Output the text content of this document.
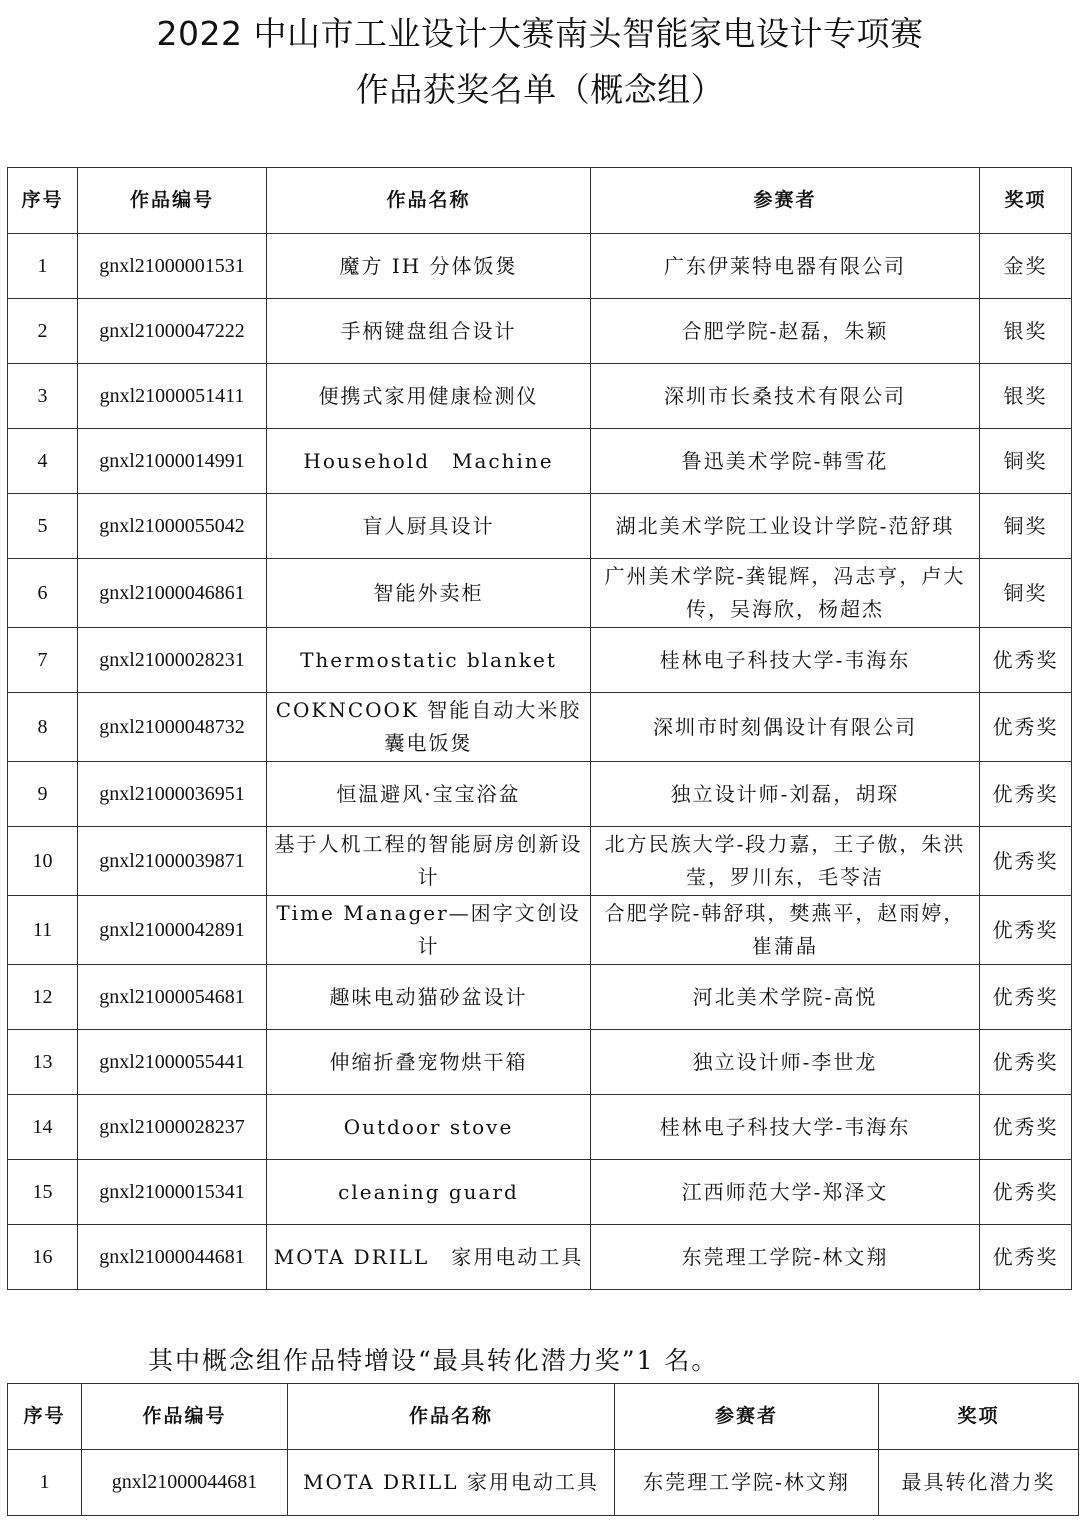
2022 中山市工业设计大赛南头智能家电设计专项赛
作品获奖名单（概念组）
序号	作品编号	作品名称	参赛者	奖项
1	gnxl21000001531	魔方 IH 分体饭煲	广东伊莱特电器有限公司	金奖
2	gnxl21000047222	手柄键盘组合设计	合肥学院-赵磊，朱颖	银奖
3	gnxl21000051411	便携式家用健康检测仪	深圳市长桑技术有限公司	银奖
4	gnxl21000014991	Household　Machine	鲁迅美术学院-韩雪花	铜奖
5	gnxl21000055042	盲人厨具设计	湖北美术学院工业设计学院-范舒琪	铜奖
6	gnxl21000046861	智能外卖柜	广州美术学院-龚锟辉，冯志亨，卢大传，吴海欣，杨超杰	铜奖
7	gnxl21000028231	Thermostatic blanket	桂林电子科技大学-韦海东	优秀奖
8	gnxl21000048732	COKNCOOK 智能自动大米胶囊电饭煲	深圳市时刻偶设计有限公司	优秀奖
9	gnxl21000036951	恒温避风·宝宝浴盆	独立设计师-刘磊，胡琛	优秀奖
10	gnxl21000039871	基于人机工程的智能厨房创新设计	北方民族大学-段力嘉，王子傲，朱洪莹，罗川东，毛苓洁	优秀奖
11	gnxl21000042891	Time Manager—困字文创设计	合肥学院-韩舒琪，樊燕平，赵雨婷，崔蒲晶	优秀奖
12	gnxl21000054681	趣味电动猫砂盆设计	河北美术学院-高悦	优秀奖
13	gnxl21000055441	伸缩折叠宠物烘干箱	独立设计师-李世龙	优秀奖
14	gnxl21000028237	Outdoor stove	桂林电子科技大学-韦海东	优秀奖
15	gnxl21000015341	cleaning guard	江西师范大学-郑泽文	优秀奖
16	gnxl21000044681	MOTA DRILL　家用电动工具	东莞理工学院-林文翔	优秀奖
其中概念组作品特增设“最具转化潜力奖”1 名。
序号	作品编号	作品名称	参赛者	奖项
1	gnxl21000044681	MOTA DRILL 家用电动工具	东莞理工学院-林文翔	最具转化潜力奖
